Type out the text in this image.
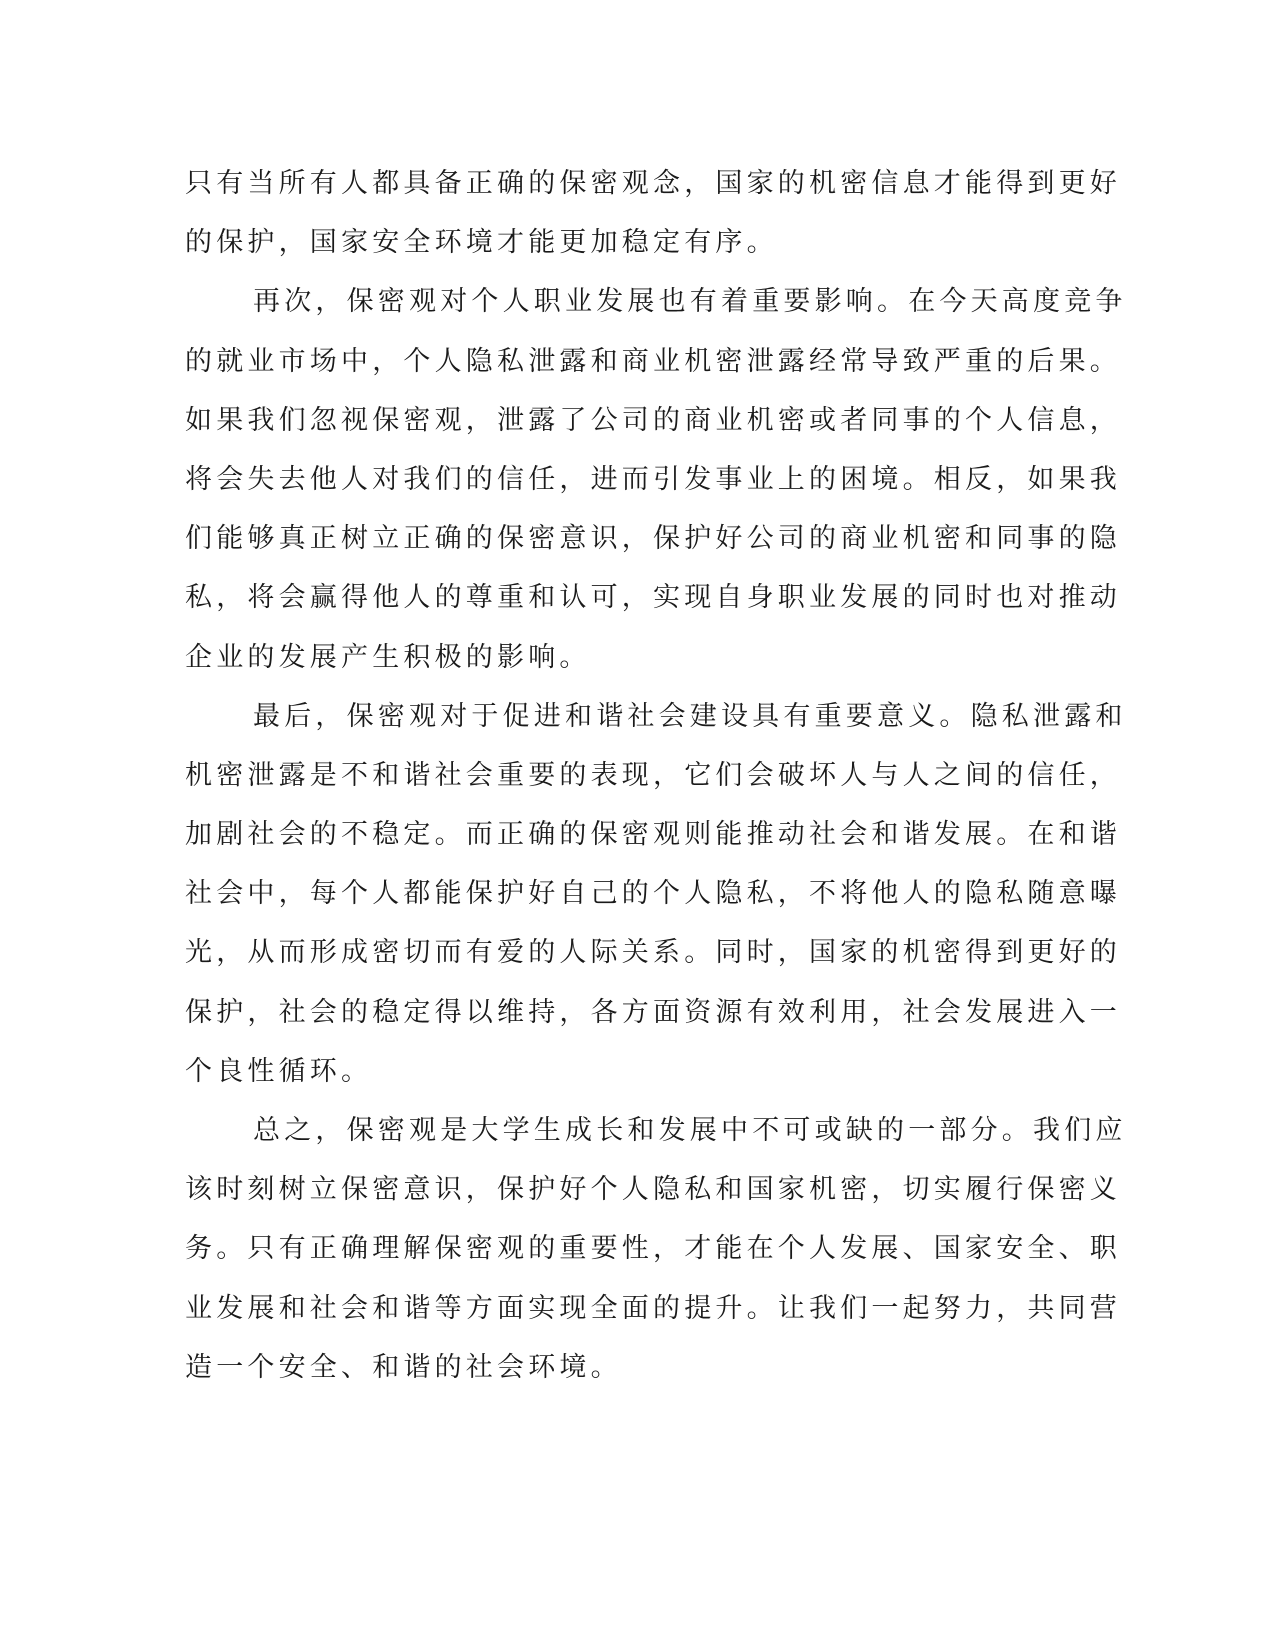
只有当所有人都具备正确的保密观念，国家的机密信息才能得到更好
的保护，国家安全环境才能更加稳定有序。
再次，保密观对个人职业发展也有着重要影响。在今天高度竞争
的就业市场中，个人隐私泄露和商业机密泄露经常导致严重的后果。
如果我们忽视保密观，泄露了公司的商业机密或者同事的个人信息，
将会失去他人对我们的信任，进而引发事业上的困境。相反，如果我
们能够真正树立正确的保密意识，保护好公司的商业机密和同事的隐
私，将会赢得他人的尊重和认可，实现自身职业发展的同时也对推动
企业的发展产生积极的影响。
最后，保密观对于促进和谐社会建设具有重要意义。隐私泄露和
机密泄露是不和谐社会重要的表现，它们会破坏人与人之间的信任，
加剧社会的不稳定。而正确的保密观则能推动社会和谐发展。在和谐
社会中，每个人都能保护好自己的个人隐私，不将他人的隐私随意曝
光，从而形成密切而有爱的人际关系。同时，国家的机密得到更好的
保护，社会的稳定得以维持，各方面资源有效利用，社会发展进入一
个良性循环。
总之，保密观是大学生成长和发展中不可或缺的一部分。我们应
该时刻树立保密意识，保护好个人隐私和国家机密，切实履行保密义
务。只有正确理解保密观的重要性，才能在个人发展、国家安全、职
业发展和社会和谐等方面实现全面的提升。让我们一起努力，共同营
造一个安全、和谐的社会环境。
